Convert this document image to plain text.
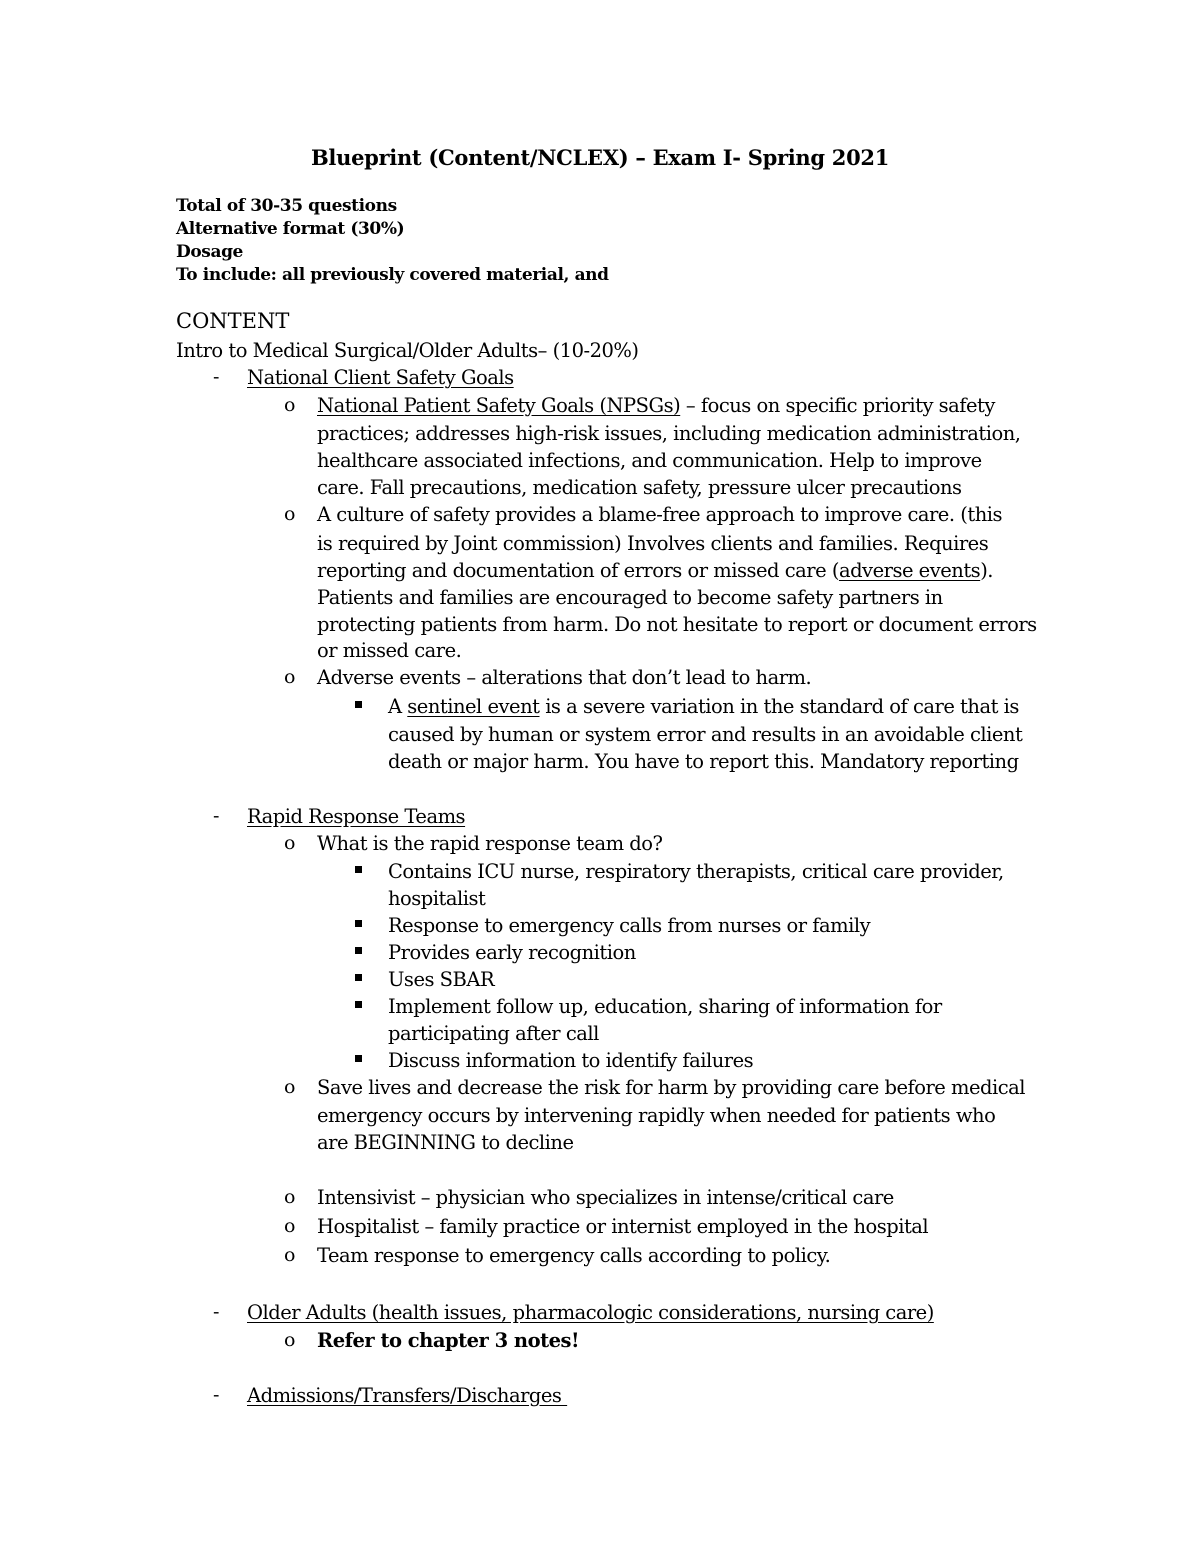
Blueprint (Content/NCLEX) – Exam I- Spring 2021
Total of 30-35 questions
Alternative format (30%)
Dosage
To include: all previously covered material, and
CONTENT
Intro to Medical Surgical/Older Adults– (10-20%)
- National Client Safety Goals
o National Patient Safety Goals (NPSGs) – focus on specific priority safety
practices; addresses high-risk issues, including medication administration,
healthcare associated infections, and communication. Help to improve
care. Fall precautions, medication safety, pressure ulcer precautions
o A culture of safety provides a blame-free approach to improve care. (this
is required by Joint commission) Involves clients and families. Requires
reporting and documentation of errors or missed care (adverse events).
Patients and families are encouraged to become safety partners in
protecting patients from harm. Do not hesitate to report or document errors
or missed care.
o Adverse events – alterations that don’t lead to harm.
A sentinel event is a severe variation in the standard of care that is
caused by human or system error and results in an avoidable client
death or major harm. You have to report this. Mandatory reporting
- Rapid Response Teams
o What is the rapid response team do?
Contains ICU nurse, respiratory therapists, critical care provider,
hospitalist
Response to emergency calls from nurses or family
Provides early recognition
Uses SBAR
Implement follow up, education, sharing of information for
participating after call
Discuss information to identify failures
o Save lives and decrease the risk for harm by providing care before medical
emergency occurs by intervening rapidly when needed for patients who
are BEGINNING to decline
o Intensivist – physician who specializes in intense/critical care
o Hospitalist – family practice or internist employed in the hospital
o Team response to emergency calls according to policy.
- Older Adults (health issues, pharmacologic considerations, nursing care)
o Refer to chapter 3 notes!
- Admissions/Transfers/Discharges
